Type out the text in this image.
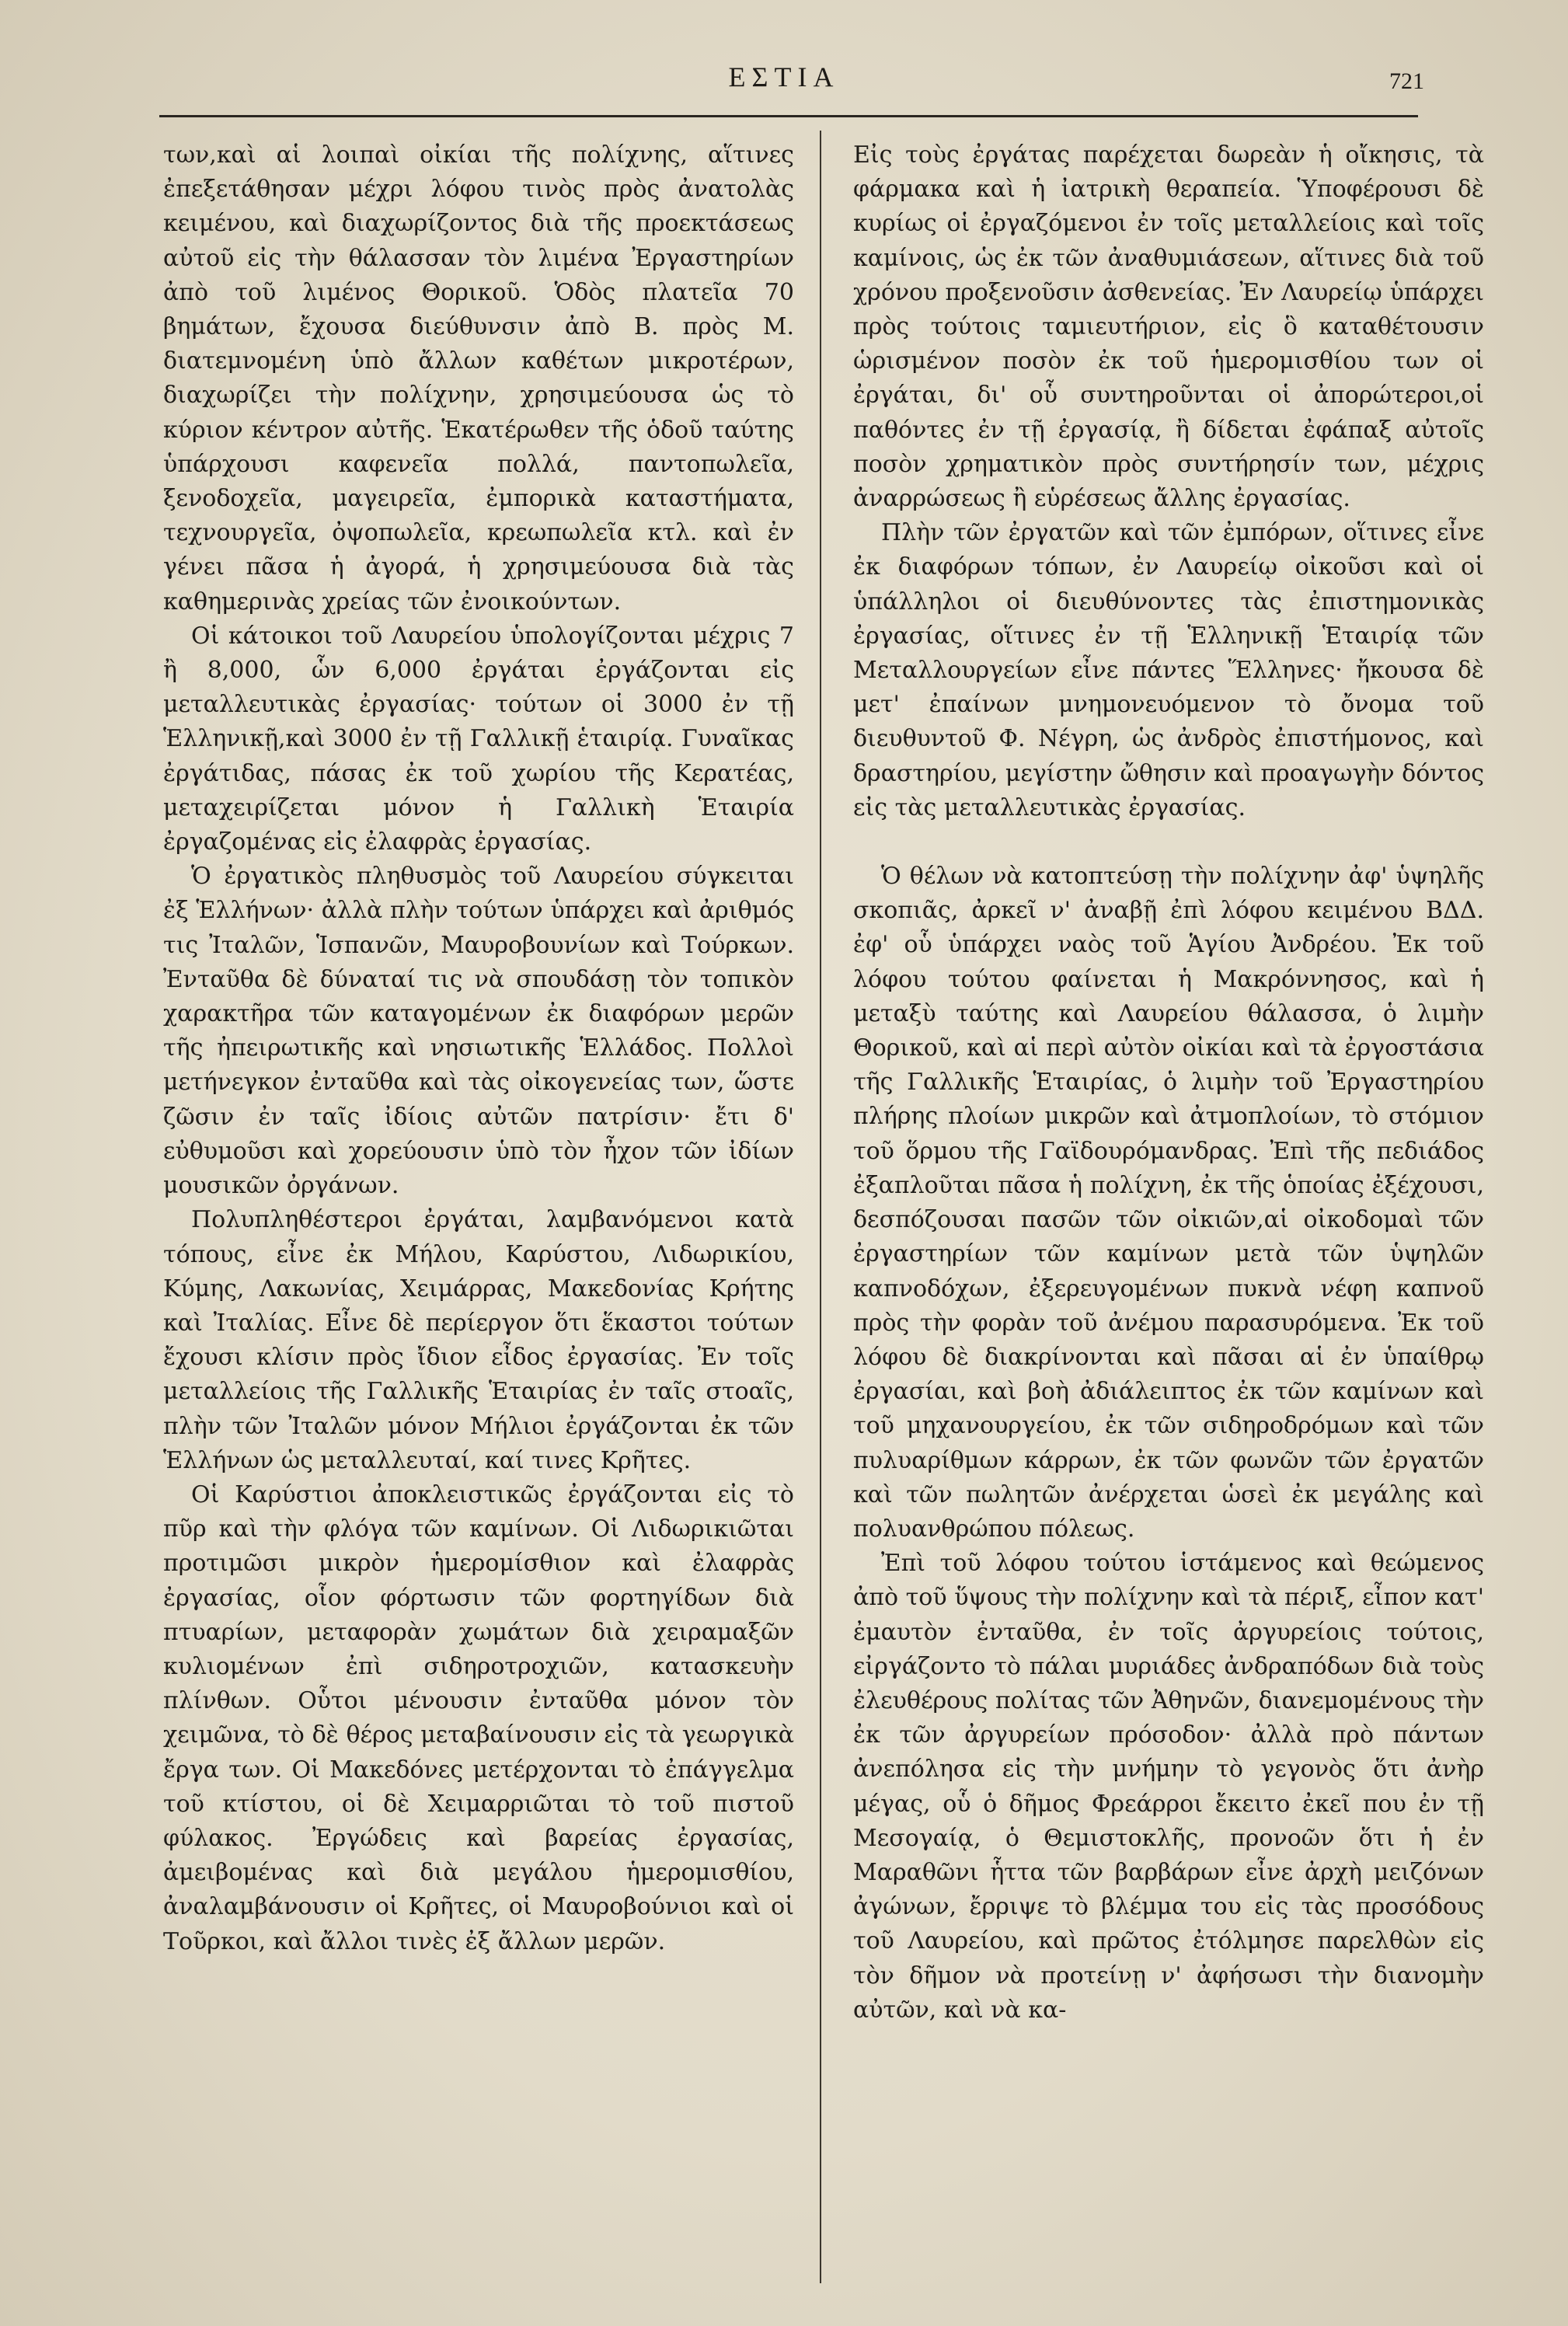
ΕΣΤΙΑ	721

των,καὶ αἱ λοιπαὶ οἰκίαι τῆς πολίχνης, αἵτινες ἐπεξετάθησαν μέχρι λόφου τινὸς πρὸς ἀνατολὰς κειμένου, καὶ διαχωρίζοντος διὰ τῆς προεκτάσεως αὐτοῦ εἰς τὴν θάλασσαν τὸν λιμένα Ἐργαστηρίων ἀπὸ τοῦ λιμένος Θορικοῦ. Ὁδὸς πλατεῖα 70 βημάτων, ἔχουσα διεύθυνσιν ἀπὸ Β. πρὸς Μ. διατεμνομένη ὑπὸ ἄλλων καθέτων μικροτέρων, διαχωρίζει τὴν πολίχνην, χρησιμεύουσα ὡς τὸ κύριον κέντρον αὐτῆς. Ἑκατέρωθεν τῆς ὁδοῦ ταύτης ὑπάρχουσι καφενεῖα πολλά, παντοπωλεῖα, ξενοδοχεῖα, μαγειρεῖα, ἐμπορικὰ καταστήματα, τεχνουργεῖα, ὀψοπωλεῖα, κρεωπωλεῖα κτλ. καὶ ἐν γένει πᾶσα ἡ ἀγορά, ἡ χρησιμεύουσα διὰ τὰς καθημερινὰς χρείας τῶν ἐνοικούντων.

Οἱ κάτοικοι τοῦ Λαυρείου ὑπολογίζονται μέχρις 7 ἢ 8,000, ὧν 6,000 ἐργάται ἐργάζονται εἰς μεταλλευτικὰς ἐργασίας· τούτων οἱ 3000 ἐν τῇ Ἑλληνικῇ,καὶ 3000 ἐν τῇ Γαλλικῇ ἑταιρίᾳ. Γυναῖκας ἐργάτιδας, πάσας ἐκ τοῦ χωρίου τῆς Κερατέας, μεταχειρίζεται μόνον ἡ Γαλλικὴ Ἑταιρία ἐργαζομένας εἰς ἐλαφρὰς ἐργασίας.

Ὁ ἐργατικὸς πληθυσμὸς τοῦ Λαυρείου σύγκειται ἐξ Ἑλλήνων· ἀλλὰ πλὴν τούτων ὑπάρχει καὶ ἀριθμός τις Ἰταλῶν, Ἱσπανῶν, Μαυροβουνίων καὶ Τούρκων. Ἐνταῦθα δὲ δύναταί τις νὰ σπουδάσῃ τὸν τοπικὸν χαρακτῆρα τῶν καταγομένων ἐκ διαφόρων μερῶν τῆς ἠπειρωτικῆς καὶ νησιωτικῆς Ἑλλάδος. Πολλοὶ μετήνεγκον ἐνταῦθα καὶ τὰς οἰκογενείας των, ὥστε ζῶσιν ἐν ταῖς ἰδίοις αὐτῶν πατρίσιν· ἔτι δ' εὐθυμοῦσι καὶ χορεύουσιν ὑπὸ τὸν ἦχον τῶν ἰδίων μουσικῶν ὀργάνων.

Πολυπληθέστεροι ἐργάται, λαμβανόμενοι κατὰ τόπους, εἶνε ἐκ Μήλου, Καρύστου, Λιδωρικίου, Κύμης, Λακωνίας, Χειμάρρας, Μακεδονίας Κρήτης καὶ Ἰταλίας. Εἶνε δὲ περίεργον ὅτι ἕκαστοι τούτων ἔχουσι κλίσιν πρὸς ἴδιον εἶδος ἐργασίας. Ἐν τοῖς μεταλλείοις τῆς Γαλλικῆς Ἑταιρίας ἐν ταῖς στοαῖς, πλὴν τῶν Ἰταλῶν μόνον Μήλιοι ἐργάζονται ἐκ τῶν Ἑλλήνων ὡς μεταλλευταί, καί τινες Κρῆτες.

Οἱ Καρύστιοι ἀποκλειστικῶς ἐργάζονται εἰς τὸ πῦρ καὶ τὴν φλόγα τῶν καμίνων. Οἱ Λιδωρικιῶται προτιμῶσι μικρὸν ἡμερομίσθιον καὶ ἐλαφρὰς ἐργασίας, οἷον φόρτωσιν τῶν φορτηγίδων διὰ πτυαρίων, μεταφορὰν χωμάτων διὰ χειραμαξῶν κυλιομένων ἐπὶ σιδηροτροχιῶν, κατασκευὴν πλίνθων. Οὗτοι μένουσιν ἐνταῦθα μόνον τὸν χειμῶνα, τὸ δὲ θέρος μεταβαίνουσιν εἰς τὰ γεωργικὰ ἔργα των. Οἱ Μακεδόνες μετέρχονται τὸ ἐπάγγελμα τοῦ κτίστου, οἱ δὲ Χειμαρριῶται τὸ τοῦ πιστοῦ φύλακος. Ἐργώδεις καὶ βαρείας ἐργασίας, ἀμειβομένας καὶ διὰ μεγάλου ἡμερομισθίου, ἀναλαμβάνουσιν οἱ Κρῆτες, οἱ Μαυροβούνιοι καὶ οἱ Τοῦρκοι, καὶ ἄλλοι τινὲς ἐξ ἄλλων μερῶν.

Εἰς τοὺς ἐργάτας παρέχεται δωρεὰν ἡ οἴκησις, τὰ φάρμακα καὶ ἡ ἰατρικὴ θεραπεία. Ὑποφέρουσι δὲ κυρίως οἱ ἐργαζόμενοι ἐν τοῖς μεταλλείοις καὶ τοῖς καμίνοις, ὡς ἐκ τῶν ἀναθυμιάσεων, αἵτινες διὰ τοῦ χρόνου προξενοῦσιν ἀσθενείας. Ἐν Λαυρείῳ ὑπάρχει πρὸς τούτοις ταμιευτήριον, εἰς ὃ καταθέτουσιν ὡρισμένον ποσὸν ἐκ τοῦ ἡμερομισθίου των οἱ ἐργάται, δι' οὗ συντηροῦνται οἱ ἀπορώτεροι,οἱ παθόντες ἐν τῇ ἐργασίᾳ, ἢ δίδεται ἐφάπαξ αὐτοῖς ποσὸν χρηματικὸν πρὸς συντήρησίν των, μέχρις ἀναρρώσεως ἢ εὑρέσεως ἄλλης ἐργασίας.

Πλὴν τῶν ἐργατῶν καὶ τῶν ἐμπόρων, οἵτινες εἶνε ἐκ διαφόρων τόπων, ἐν Λαυρείῳ οἰκοῦσι καὶ οἱ ὑπάλληλοι οἱ διευθύνοντες τὰς ἐπιστημονικὰς ἐργασίας, οἵτινες ἐν τῇ Ἑλληνικῇ Ἑταιρίᾳ τῶν Μεταλλουργείων εἶνε πάντες Ἕλληνες· ἤκουσα δὲ μετ' ἐπαίνων μνημονευόμενον τὸ ὄνομα τοῦ διευθυντοῦ Φ. Νέγρη, ὡς ἀνδρὸς ἐπιστήμονος, καὶ δραστηρίου, μεγίστην ὤθησιν καὶ προαγωγὴν δόντος εἰς τὰς μεταλλευτικὰς ἐργασίας.

Ὁ θέλων νὰ κατοπτεύσῃ τὴν πολίχνην ἀφ' ὑψηλῆς σκοπιᾶς, ἀρκεῖ ν' ἀναβῇ ἐπὶ λόφου κειμένου ΒΔΔ. ἐφ' οὗ ὑπάρχει ναὸς τοῦ Ἁγίου Ἀνδρέου. Ἐκ τοῦ λόφου τούτου φαίνεται ἡ Μακρόννησος, καὶ ἡ μεταξὺ ταύτης καὶ Λαυρείου θάλασσα, ὁ λιμὴν Θορικοῦ, καὶ αἱ περὶ αὐτὸν οἰκίαι καὶ τὰ ἐργοστάσια τῆς Γαλλικῆς Ἑταιρίας, ὁ λιμὴν τοῦ Ἐργαστηρίου πλήρης πλοίων μικρῶν καὶ ἀτμοπλοίων, τὸ στόμιον τοῦ ὅρμου τῆς Γαϊδουρόμανδρας. Ἐπὶ τῆς πεδιάδος ἐξαπλοῦται πᾶσα ἡ πολίχνη, ἐκ τῆς ὁποίας ἐξέχουσι, δεσπόζουσαι πασῶν τῶν οἰκιῶν,αἱ οἰκοδομαὶ τῶν ἐργαστηρίων τῶν καμίνων μετὰ τῶν ὑψηλῶν καπνοδόχων, ἐξερευγομένων πυκνὰ νέφη καπνοῦ πρὸς τὴν φορὰν τοῦ ἀνέμου παρασυρόμενα. Ἐκ τοῦ λόφου δὲ διακρίνονται καὶ πᾶσαι αἱ ἐν ὑπαίθρῳ ἐργασίαι, καὶ βοὴ ἀδιάλειπτος ἐκ τῶν καμίνων καὶ τοῦ μηχανουργείου, ἐκ τῶν σιδηροδρόμων καὶ τῶν πυλυαρίθμων κάρρων, ἐκ τῶν φωνῶν τῶν ἐργατῶν καὶ τῶν πωλητῶν ἀνέρχεται ὡσεὶ ἐκ μεγάλης καὶ πολυανθρώπου πόλεως.

Ἐπὶ τοῦ λόφου τούτου ἱστάμενος καὶ θεώμενος ἀπὸ τοῦ ὕψους τὴν πολίχνην καὶ τὰ πέριξ, εἶπον κατ' ἐμαυτὸν ἐνταῦθα, ἐν τοῖς ἀργυρείοις τούτοις, εἰργάζοντο τὸ πάλαι μυριάδες ἀνδραπόδων διὰ τοὺς ἐλευθέρους πολίτας τῶν Ἀθηνῶν, διανεμομένους τὴν ἐκ τῶν ἀργυρείων πρόσοδον· ἀλλὰ πρὸ πάντων ἀνεπόλησα εἰς τὴν μνήμην τὸ γεγονὸς ὅτι ἀνὴρ μέγας, οὗ ὁ δῆμος Φρεάρροι ἔκειτο ἐκεῖ που ἐν τῇ Μεσογαίᾳ, ὁ Θεμιστοκλῆς, προνοῶν ὅτι ἡ ἐν Μαραθῶνι ἧττα τῶν βαρβάρων εἶνε ἀρχὴ μειζόνων ἀγώνων, ἔρριψε τὸ βλέμμα του εἰς τὰς προσόδους τοῦ Λαυρείου, καὶ πρῶτος ἐτόλμησε παρελθὼν εἰς τὸν δῆμον νὰ προτείνῃ ν' ἀφήσωσι τὴν διανομὴν αὐτῶν, καὶ νὰ κα-
